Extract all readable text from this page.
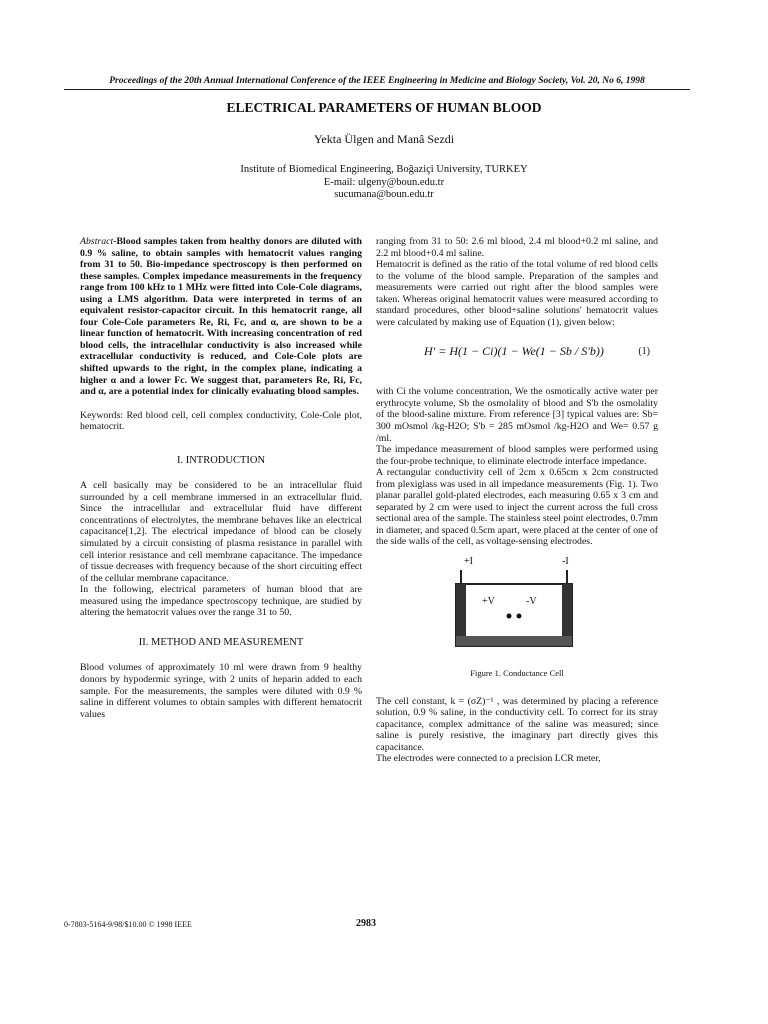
Proceedings of the 20th Annual International Conference of the IEEE Engineering in Medicine and Biology Society, Vol. 20, No 6, 1998
ELECTRICAL PARAMETERS OF HUMAN BLOOD
Yekta Ülgen and Manâ Sezdi
Institute of Biomedical Engineering, Boğaziçi University, TURKEY
E-mail: ulgeny@boun.edu.tr
sucumana@boun.edu.tr

Abstract-Blood samples taken from healthy donors are diluted with 0.9 % saline, to obtain samples with hematocrit values ranging from 31 to 50. Bio-impedance spectroscopy is then performed on these samples. Complex impedance measurements in the frequency range from 100 kHz to 1 MHz were fitted into Cole-Cole diagrams, using a LMS algorithm. Data were interpreted in terms of an equivalent resistor-capacitor circuit. In this hematocrit range, all four Cole-Cole parameters Re, Ri, Fc, and α, are shown to be a linear function of hematocrit. With increasing concentration of red blood cells, the intracellular conductivity is also increased while extracellular conductivity is reduced, and Cole-Cole plots are shifted upwards to the right, in the complex plane, indicating a higher α and a lower Fc. We suggest that, parameters Re, Ri, Fc, and α, are a potential index for clinically evaluating blood samples.

Keywords: Red blood cell, cell complex conductivity, Cole-Cole plot, hematocrit.

I. INTRODUCTION

A cell basically may be considered to be an intracellular fluid surrounded by a cell membrane immersed in an extracellular fluid. Since the intracellular and extracellular fluid have different concentrations of electrolytes, the membrane behaves like an electrical capacitance[1,2]. The electrical impedance of blood can be closely simulated by a circuit consisting of plasma resistance in parallel with cell interior resistance and cell membrane capacitance. The impedance of tissue decreases with frequency because of the short circuiting effect of the cellular membrane capacitance.

In the following, electrical parameters of human blood that are measured using the impedance spectroscopy technique, are studied by altering the hematocrit values over the range 31 to 50.

II. METHOD AND MEASUREMENT

Blood volumes of approximately 10 ml were drawn from 9 healthy donors by hypodermic syringe, with 2 units of heparin added to each sample. For the measurements, the samples were diluted with 0.9 % saline in different volumes to obtain samples with different hematocrit values

ranging from 31 to 50: 2.6 ml blood, 2.4 ml blood+0.2 ml saline, and 2.2 ml blood+0.4 ml saline.

Hematocrit is defined as the ratio of the total volume of red blood cells to the volume of the blood sample. Preparation of the samples and measurements were carried out right after the blood samples were taken. Whereas original hematocrit values were measured according to standard procedures, other blood+saline solutions' hematocrit values were calculated by making use of Equation (1), given below:

H′ = H(1 − Ci)(1 − We(1 − Sb / S′b))	(1)

with Ci the volume concentration, We the osmotically active water per erythrocyte volume, Sb the osmolality of blood and S'b the osmolality of the blood-saline mixture. From reference [3] typical values are: Sb= 300 mOsmol /kg-H2O; S'b = 285 mOsmol /kg-H2O and We= 0.57 g /ml.

The impedance measurement of blood samples were performed using the four-probe technique, to eliminate electrode interface impedance.

A rectangular conductivity cell of 2cm x 0.65cm x 2cm constructed from plexiglass was used in all impedance measurements (Fig. 1). Two planar parallel gold-plated electrodes, each measuring 0.65 x 3 cm and separated by 2 cm were used to inject the current across the full cross sectional area of the sample. The stainless steel point electrodes, 0.7mm in diameter, and spaced 0.5cm apart, were placed at the center of one of the side walls of the cell, as voltage-sensing electrodes.

+I	-I
+V	-V

Figure 1. Conductance Cell

The cell constant, k = (σZ)⁻¹ , was determined by placing a reference solution, 0.9 % saline, in the conductivity cell. To correct for its stray capacitance, complex admittance of the saline was measured; since saline is purely resistive, the imaginary part directly gives this capacitance.

The electrodes were connected to a precision LCR meter,

0-7803-5164-9/98/$10.00 © 1998 IEEE	2983
